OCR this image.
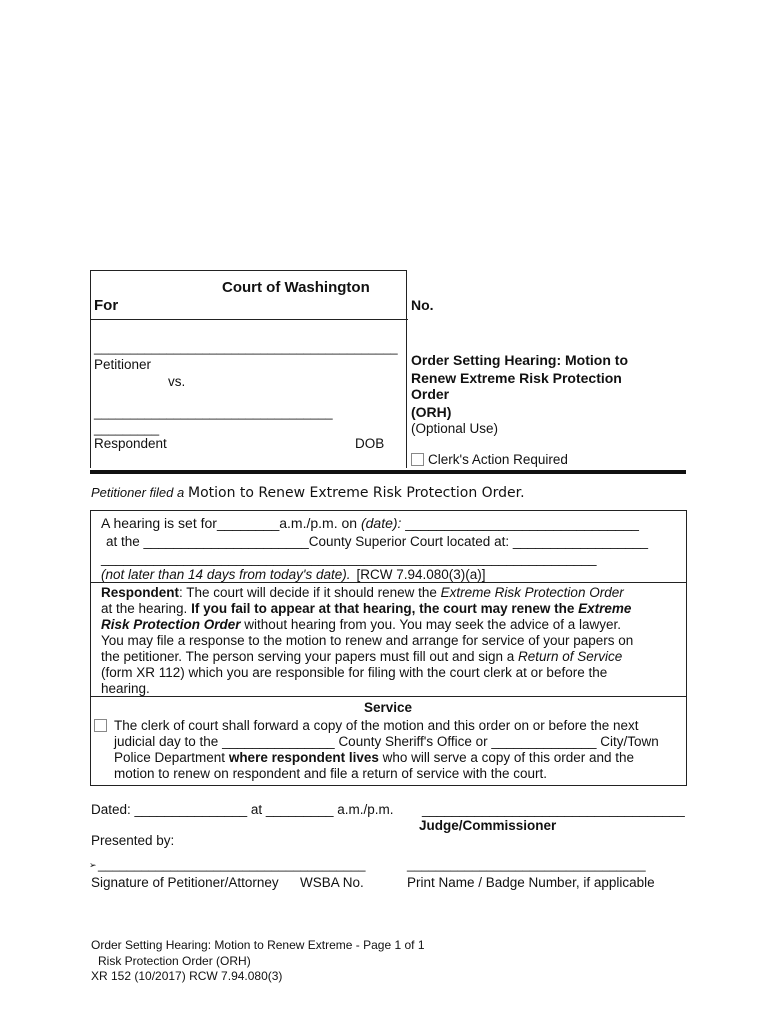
Court of Washington
For	No.
__________________________________________
Petitioner
vs.
_________________________________
_________
Respondent	DOB
Order Setting Hearing: Motion to
Renew Extreme Risk Protection
Order
(ORH)
(Optional Use)
Clerk's Action Required
Petitioner filed a Motion to Renew Extreme Risk Protection Order.
A hearing is set for________a.m./p.m. on (date): ______________________________
at the ______________________County Superior Court located at: __________________
__________________________________________________________________
(not later than 14 days from today's date). [RCW 7.94.080(3)(a)]
Respondent: The court will decide if it should renew the Extreme Risk Protection Order
at the hearing. If you fail to appear at that hearing, the court may renew the Extreme
Risk Protection Order without hearing from you. You may seek the advice of a lawyer.
You may file a response to the motion to renew and arrange for service of your papers on
the petitioner. The person serving your papers must fill out and sign a Return of Service
(form XR 112) which you are responsible for filing with the court clerk at or before the
hearing.
Service
The clerk of court shall forward a copy of the motion and this order on or before the next
judicial day to the _______________ County Sheriff's Office or ______________ City/Town
Police Department where respondent lives who will serve a copy of this order and the
motion to renew on respondent and file a return of service with the court.
Dated: _______________ at _________ a.m./p.m. ___________________________________
Judge/Commissioner
Presented by:
➢ _____________________________________	_________________________________
Signature of Petitioner/Attorney WSBA No.	Print Name / Badge Number, if applicable
Order Setting Hearing: Motion to Renew Extreme - Page 1 of 1
Risk Protection Order (ORH)
XR 152 (10/2017) RCW 7.94.080(3)
